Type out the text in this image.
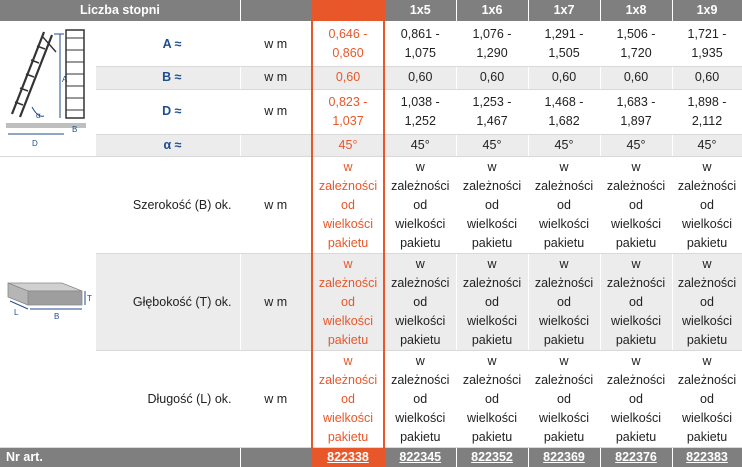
Liczba stopni			1x4	1x5	1x6	1x7	1x8	1x9

A
α
D
B	A ≈	w m	0,646 -
0,860	0,861 -
1,075	1,076 -
1,290	1,291 -
1,505	1,506 -
1,720	1,721 -
1,935

	B ≈	w m	0,60	0,60	0,60	0,60	0,60	0,60
	D ≈	w m	0,823 -
1,037	1,038 -
1,252	1,253 -
1,467	1,468 -
1,682	1,683 -
1,897	1,898 -
2,112

	α ≈		45°	45°	45°	45°	45°	45°

T
L B	Szerokość (B) ok.	w m	w
zależności
od
wielkości
pakietu	w
zależności
od
wielkości
pakietu	w
zależności
od
wielkości
pakietu	w
zależności
od
wielkości
pakietu	w
zależności
od
wielkości
pakietu	w
zależności
od
wielkości
pakietu

	Głębokość (T) ok.	w m	w
zależności
od
wielkości
pakietu	w
zależności
od
wielkości
pakietu	w
zależności
od
wielkości
pakietu	w
zależności
od
wielkości
pakietu	w
zależności
od
wielkości
pakietu	w
zależności
od
wielkości
pakietu

	Długość (L) ok.	w m	w
zależności
od
wielkości
pakietu	w
zależności
od
wielkości
pakietu	w
zależności
od
wielkości
pakietu	w
zależności
od
wielkości
pakietu	w
zależności
od
wielkości
pakietu	w
zależności
od
wielkości
pakietu

Nr art.			822338	822345	822352	822369	822376	822383
